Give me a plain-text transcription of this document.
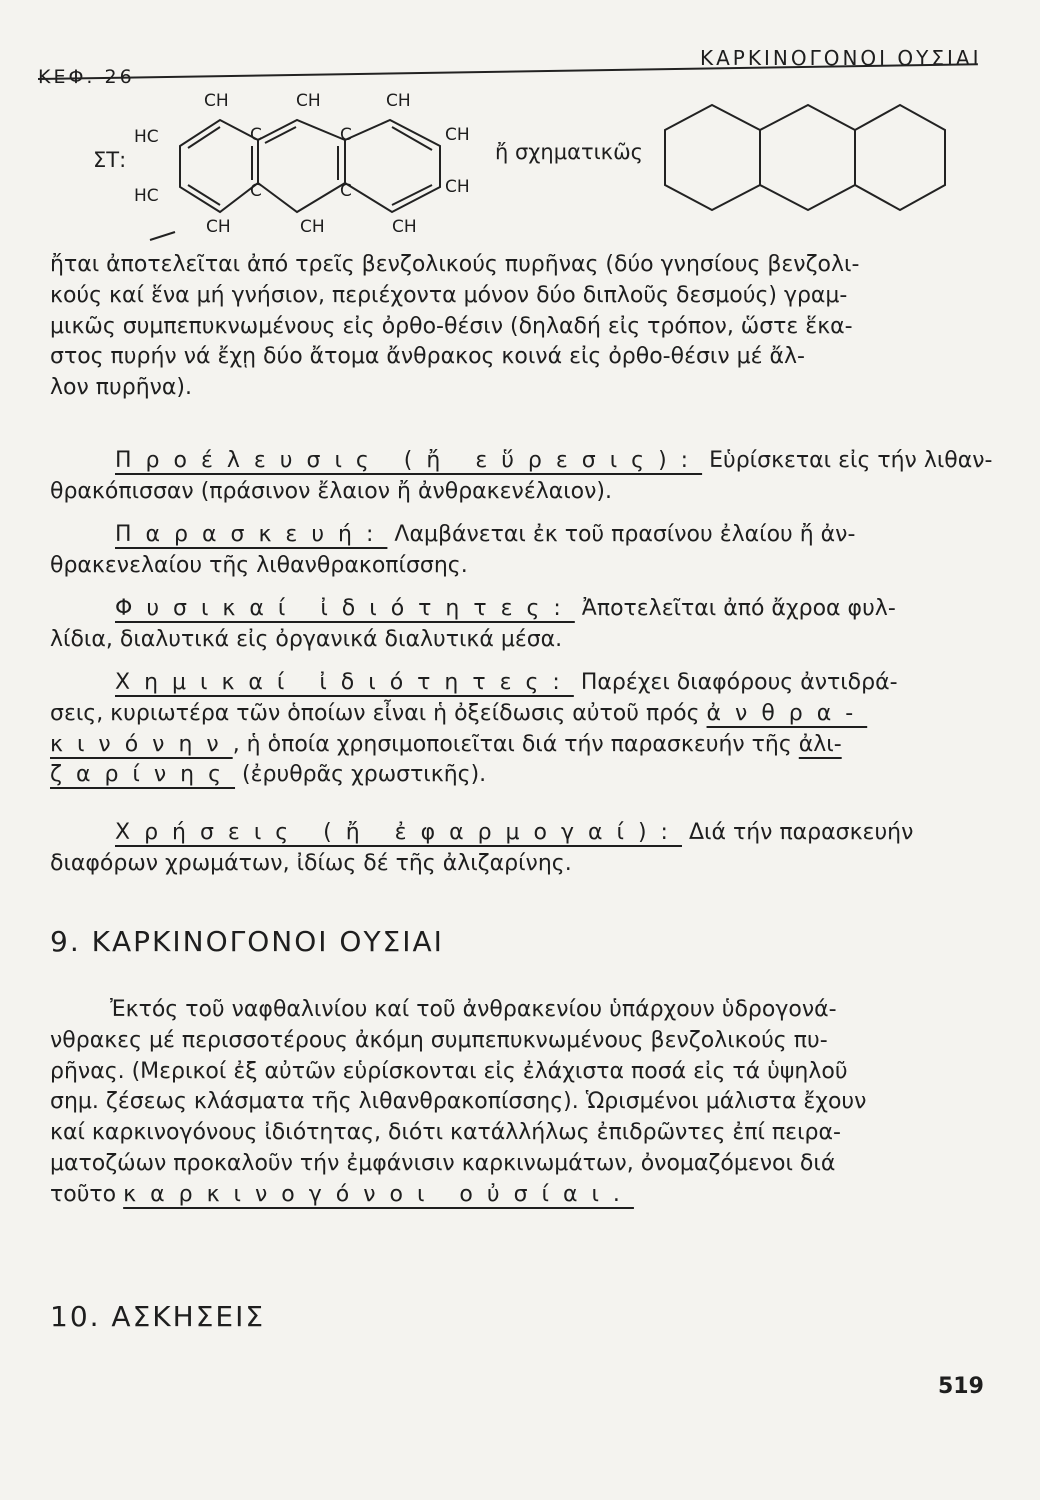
ΚΕΦ. 26
ΚΑΡΚΙΝΟΓΟΝΟΙ ΟΥΣΙΑΙ
CH	CH	CH
HC
HC
C	C
C	C
CH
CH
CH	CH	CH
ΣΤ:	ἤ σχηματικῶς
ἤται ἀποτελεῖται ἀπό τρεῖς βενζολικούς πυρῆνας (δύο γνησίους βενζολι-
κούς καί ἕνα μή γνήσιον, περιέχοντα μόνον δύο διπλοῦς δεσμούς) γραμ-
μικῶς συμπεπυκνωμένους εἰς ὀρθο-θέσιν (δηλαδή εἰς τρόπον, ὥστε ἕκα-
στος πυρήν νά ἔχῃ δύο ἄτομα ἄνθρακος κοινά εἰς ὀρθο-θέσιν μέ ἄλ-
λον πυρῆνα).
Προέλευσις (ἤ εὕρεσις): Εὑρίσκεται εἰς τήν λιθαν-
θρακόπισσαν (πράσινον ἔλαιον ἤ ἀνθρακενέλαιον).
Παρασκευή: Λαμβάνεται ἐκ τοῦ πρασίνου ἐλαίου ἤ ἀν-
θρακενελαίου τῆς λιθανθρακοπίσσης.
Φυσικαί ἰδιότητες: Ἀποτελεῖται ἀπό ἄχροα φυλ-
λίδια, διαλυτικά εἰς ὀργανικά διαλυτικά μέσα.
Χημικαί ἰδιότητες: Παρέχει διαφόρους ἀντιδρά-
σεις, κυριωτέρα τῶν ὁποίων εἶναι ἡ ὀξείδωσις αὐτοῦ πρός ἀνθρα-
κινόνην, ἡ ὁποία χρησιμοποιεῖται διά τήν παρασκευήν τῆς ἀλι-
ζαρίνης (ἐρυθρᾶς χρωστικῆς).
Χρήσεις (ἤ ἐφαρμογαί): Διά τήν παρασκευήν
διαφόρων χρωμάτων, ἰδίως δέ τῆς ἀλιζαρίνης.
9. ΚΑΡΚΙΝΟΓΟΝΟΙ ΟΥΣΙΑΙ
Ἐκτός τοῦ ναφθαλινίου καί τοῦ ἀνθρακενίου ὑπάρχουν ὑδρογονά-
νθρακες μέ περισσοτέρους ἀκόμη συμπεπυκνωμένους βενζολικούς πυ-
ρῆνας. (Μερικοί ἐξ αὐτῶν εὑρίσκονται εἰς ἐλάχιστα ποσά εἰς τά ὑψηλοῦ
σημ. ζέσεως κλάσματα τῆς λιθανθρακοπίσσης). Ὡρισμένοι μάλιστα ἔχουν
καί καρκινογόνους ἰδιότητας, διότι κατάλλήλως ἐπιδρῶντες ἐπί πειρα-
ματοζώων προκαλοῦν τήν ἐμφάνισιν καρκινωμάτων, ὀνομαζόμενοι διά
τοῦτο καρκινογόνοι οὐσίαι.
10. ΑΣΚΗΣΕΙΣ
519
